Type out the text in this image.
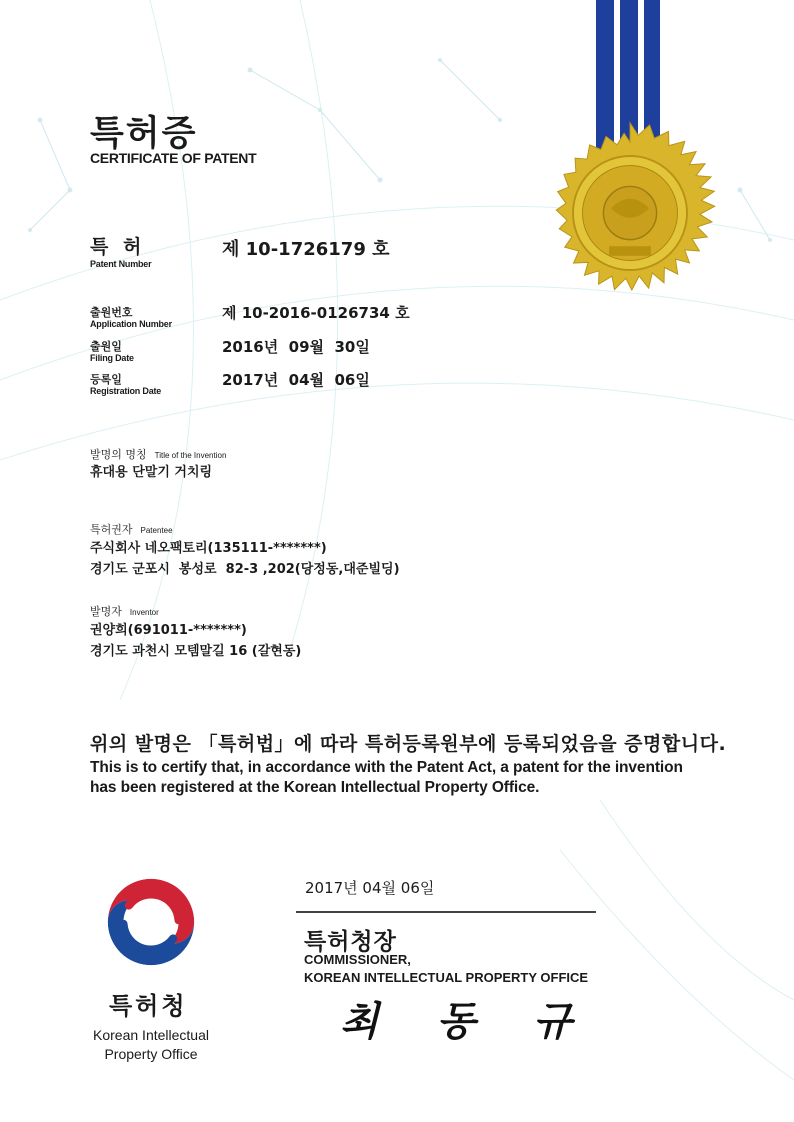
특허증
CERTIFICATE OF PATENT
특 허
Patent Number
제 10-1726179 호
출원번호
Application Number
제 10-2016-0126734 호
출원일
Filing Date
2016년  09월  30일
등록일
Registration Date
2017년  04월  06일
발명의 명칭 Title of the Invention
휴대용 단말기 거치링
특허권자 Patentee
주식회사 네오팩토리(135111-*******)
경기도 군포시  봉성로  82-3 ,202(당정동,대준빌딩)
발명자 Inventor
권양희(691011-*******)
경기도 과천시 모템말길 16 (갈현동)
위의 발명은 「특허법」에 따라 특허등록원부에 등록되었음을 증명합니다.
This is to certify that, in accordance with the Patent Act, a patent for the invention
has been registered at the Korean Intellectual Property Office.
2017년 04월 06일
특허청장
COMMISSIONER,
KOREAN INTELLECTUAL PROPERTY OFFICE
최 동 규
특허청
Korean Intellectual Property Office
